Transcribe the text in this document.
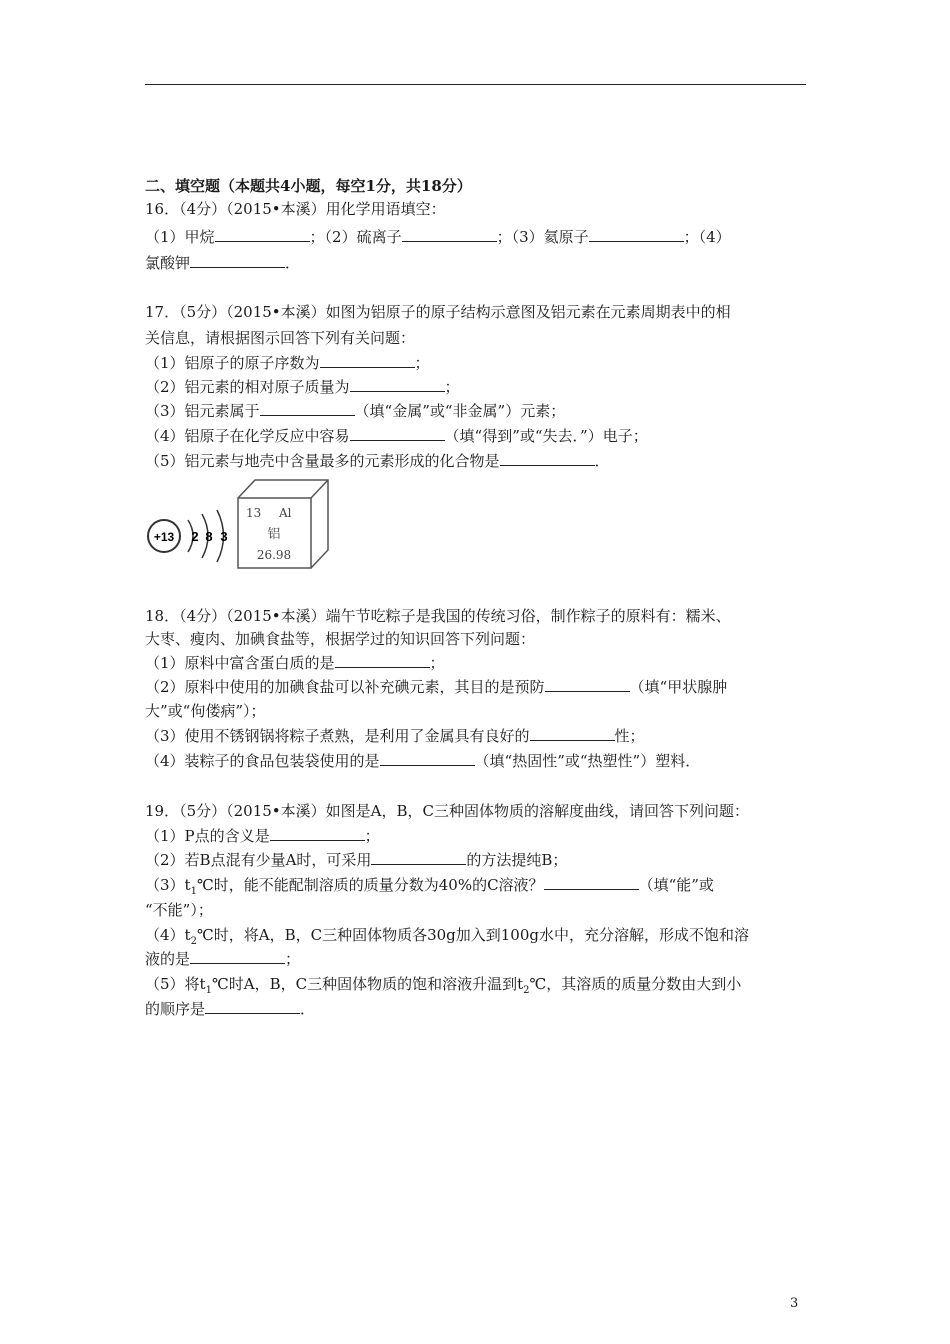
二、填空题（本题共4小题，每空1分，共18分）
16．（4分）（2015•本溪）用化学用语填空：
（1）甲烷	；（2）硫离子	；（3）氦原子	；（4）
氯酸钾	．
17．（5分）（2015•本溪）如图为铝原子的原子结构示意图及铝元素在元素周期表中的相
关信息，请根据图示回答下列有关问题：
（1）铝原子的原子序数为	；
（2）铝元素的相对原子质量为	；
（3）铝元素属于	（填“金属”或“非金属”）元素；
（4）铝原子在化学反应中容易	（填“得到”或“失去．”）电子；
（5）铝元素与地壳中含量最多的元素形成的化合物是	．
+13 2 8 3
13 Al
铝
26.98
18．（4分）（2015•本溪）端午节吃粽子是我国的传统习俗，制作粽子的原料有：糯米、
大枣、瘦肉、加碘食盐等，根据学过的知识回答下列问题：
（1）原料中富含蛋白质的是	；
（2）原料中使用的加碘食盐可以补充碘元素，其目的是预防	（填“甲状腺肿
大”或“佝偻病”）；
（3）使用不锈钢锅将粽子煮熟，是利用了金属具有良好的	性；
（4）装粽子的食品包装袋使用的是	（填“热固性”或“热塑性”）塑料．
19．（5分）（2015•本溪）如图是A，B，C三种固体物质的溶解度曲线，请回答下列问题：
（1）P点的含义是	；
（2）若B点混有少量A时，可采用	的方法提纯B；
$(3)t_1℃$时，能不能配制溶质的质量分数为40%的C溶液？	（填“能”或
“不能”）；
$(4)t_2℃$时，将A，B，C三种固体物质各30g加入到100g水中，充分溶解，形成不饱和溶
液的是	；
（5）将$t_1℃$时A，B，C三种固体物质的饱和溶液升温到$t_2℃$，其溶质的质量分数由大到小
的顺序是	．
3
